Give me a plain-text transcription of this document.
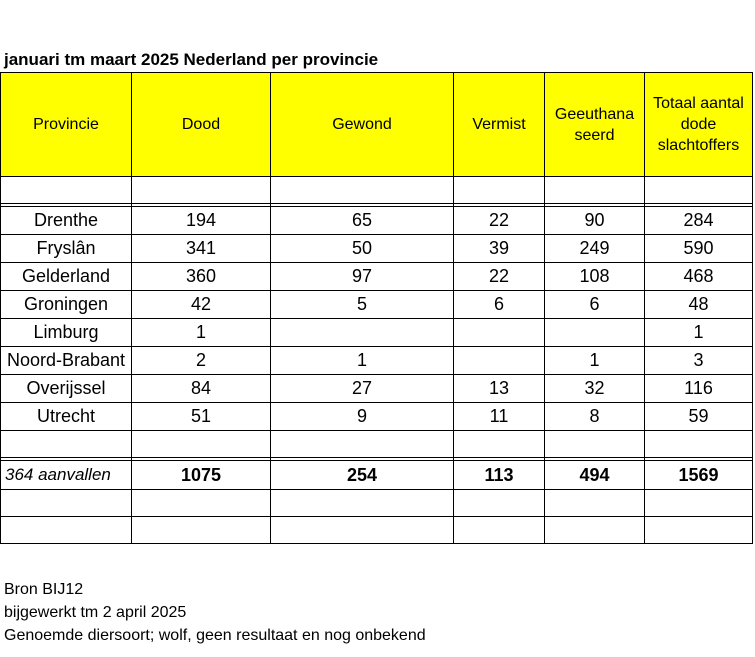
januari tm maart 2025 Nederland per provincie
Provincie	Dood	Gewond	Vermist	Geeuthana seerd	Totaal aantal dode slachtoffers

Drenthe	194	65	22	90	284
Fryslân	341	50	39	249	590
Gelderland	360	97	22	108	468
Groningen	42	5	6	6	48
Limburg	1				1
Noord-Brabant	2	1		1	3
Overijssel	84	27	13	32	116
Utrecht	51	9	11	8	59

364 aanvallen	1075	254	113	494	1569

Bron BIJ12
bijgewerkt tm 2 april 2025
Genoemde diersoort; wolf, geen resultaat en nog onbekend
